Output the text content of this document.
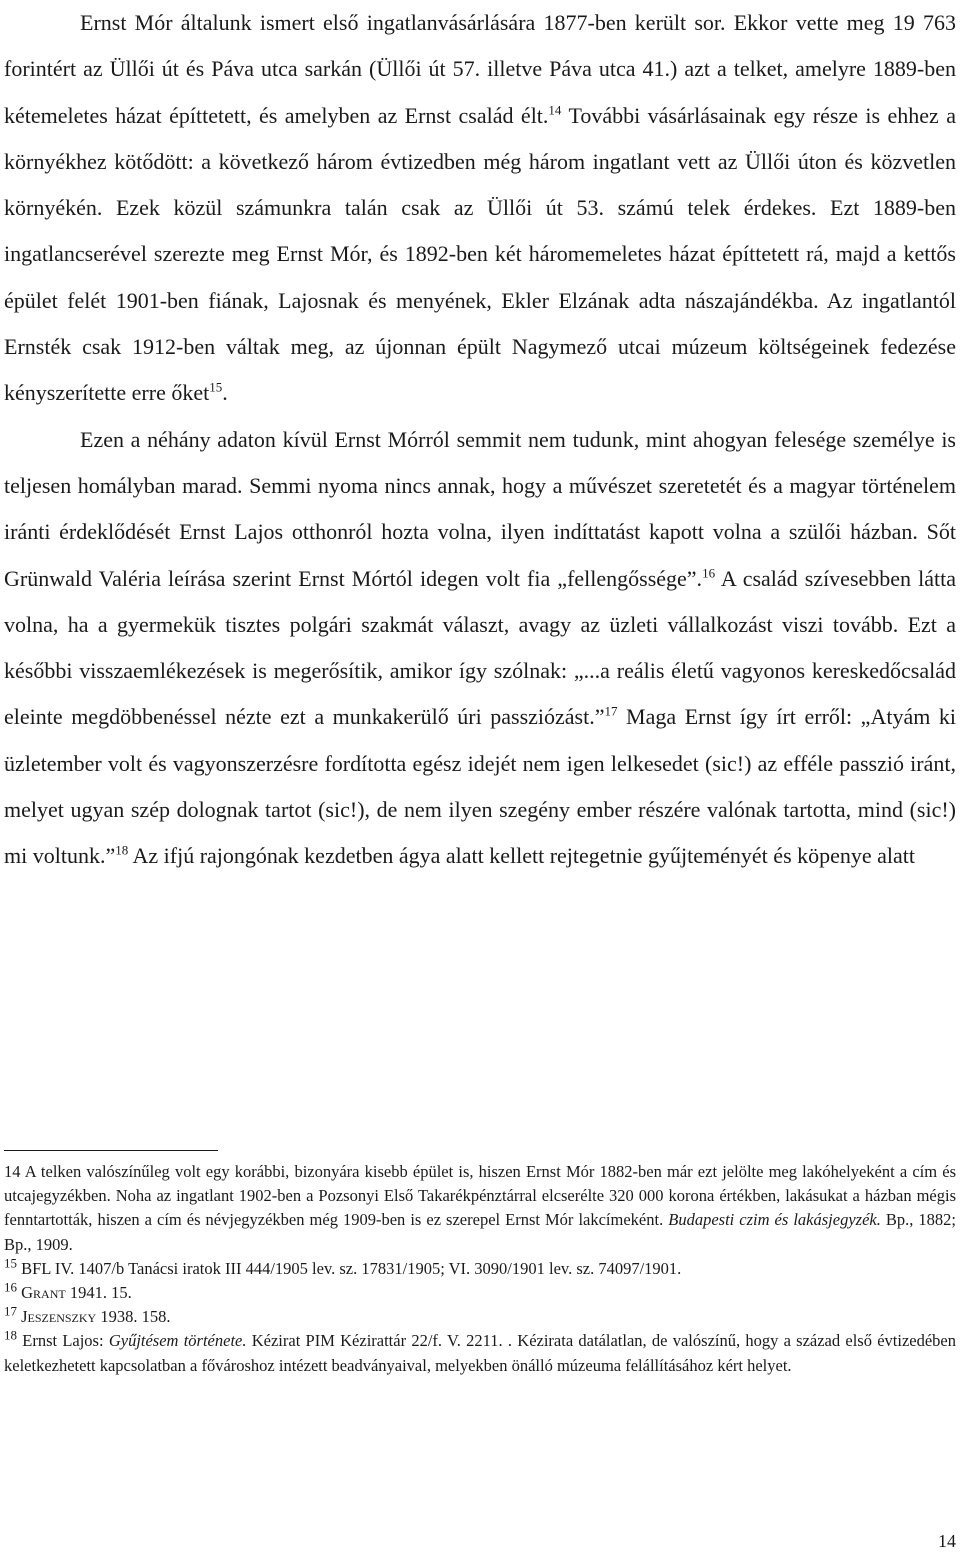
Ernst Mór általunk ismert első ingatlanvásárlására 1877-ben került sor. Ekkor vette meg 19 763 forintért az Üllői út és Páva utca sarkán (Üllői út 57. illetve Páva utca 41.) azt a telket, amelyre 1889-ben kétemeletes házat építtetett, és amelyben az Ernst család élt.$^{14}$ További vásárlásainak egy része is ehhez a környékhez kötődött: a következő három évtizedben még három ingatlant vett az Üllői úton és közvetlen környékén. Ezek közül számunkra talán csak az Üllői út 53. számú telek érdekes. Ezt 1889-ben ingatlancserével szerezte meg Ernst Mór, és 1892-ben két háromemeletes házat építtetett rá, majd a kettős épület felét 1901-ben fiának, Lajosnak és menyének, Ekler Elzának adta nászajándékba. Az ingatlantól Ernsték csak 1912-ben váltak meg, az újonnan épült Nagymező utcai múzeum költségeinek fedezése kényszerítette erre őket$^{15}$.

Ezen a néhány adaton kívül Ernst Mórról semmit nem tudunk, mint ahogyan felesége személye is teljesen homályban marad. Semmi nyoma nincs annak, hogy a művészet szeretetét és a magyar történelem iránti érdeklődését Ernst Lajos otthonról hozta volna, ilyen indíttatást kapott volna a szülői házban. Sőt Grünwald Valéria leírása szerint Ernst Mórtól idegen volt fia „fellengőssége”.$^{16}$ A család szívesebben látta volna, ha a gyermekük tisztes polgári szakmát választ, avagy az üzleti vállalkozást viszi tovább. Ezt a későbbi visszaemlékezések is megerősítik, amikor így szólnak: „...a reális életű vagyonos kereskedőcsalád eleinte megdöbbenéssel nézte ezt a munkakerülő úri passziózást.”$^{17}$ Maga Ernst így írt erről: „Atyám ki üzletember volt és vagyonszerzésre fordította egész idejét nem igen lelkesedet (sic!) az efféle passzió iránt, melyet ugyan szép dolognak tartot (sic!), de nem ilyen szegény ember részére valónak tartotta, mind (sic!) mi voltunk.”$^{18}$ Az ifjú rajongónak kezdetben ágya alatt kellett rejtegetnie gyűjteményét és köpenye alatt

14 A telken valószínűleg volt egy korábbi, bizonyára kisebb épület is, hiszen Ernst Mór 1882-ben már ezt jelölte meg lakóhelyeként a cím és utcajegyzékben. Noha az ingatlant 1902-ben a Pozsonyi Első Takarékpénztárral elcserélte 320 000 korona értékben, lakásukat a házban mégis fenntartották, hiszen a cím és névjegyzékben még 1909-ben is ez szerepel Ernst Mór lakcímeként. Budapesti czim és lakásjegyzék. Bp., 1882; Bp., 1909.
$^{15}$ BFL IV. 1407/b Tanácsi iratok III 444/1905 lev. sz. 17831/1905; VI. 3090/1901 lev. sz. 74097/1901.
$^{16}$ Grant 1941. 15.
$^{17}$ Jeszenszky 1938. 158.
$^{18}$ Ernst Lajos: Gyűjtésem története. Kézirat PIM Kézirattár 22/f. V. 2211. . Kézirata datálatlan, de valószínű, hogy a század első évtizedében keletkezhetett kapcsolatban a fővároshoz intézett beadványaival, melyekben önálló múzeuma felállításához kért helyet.
14
